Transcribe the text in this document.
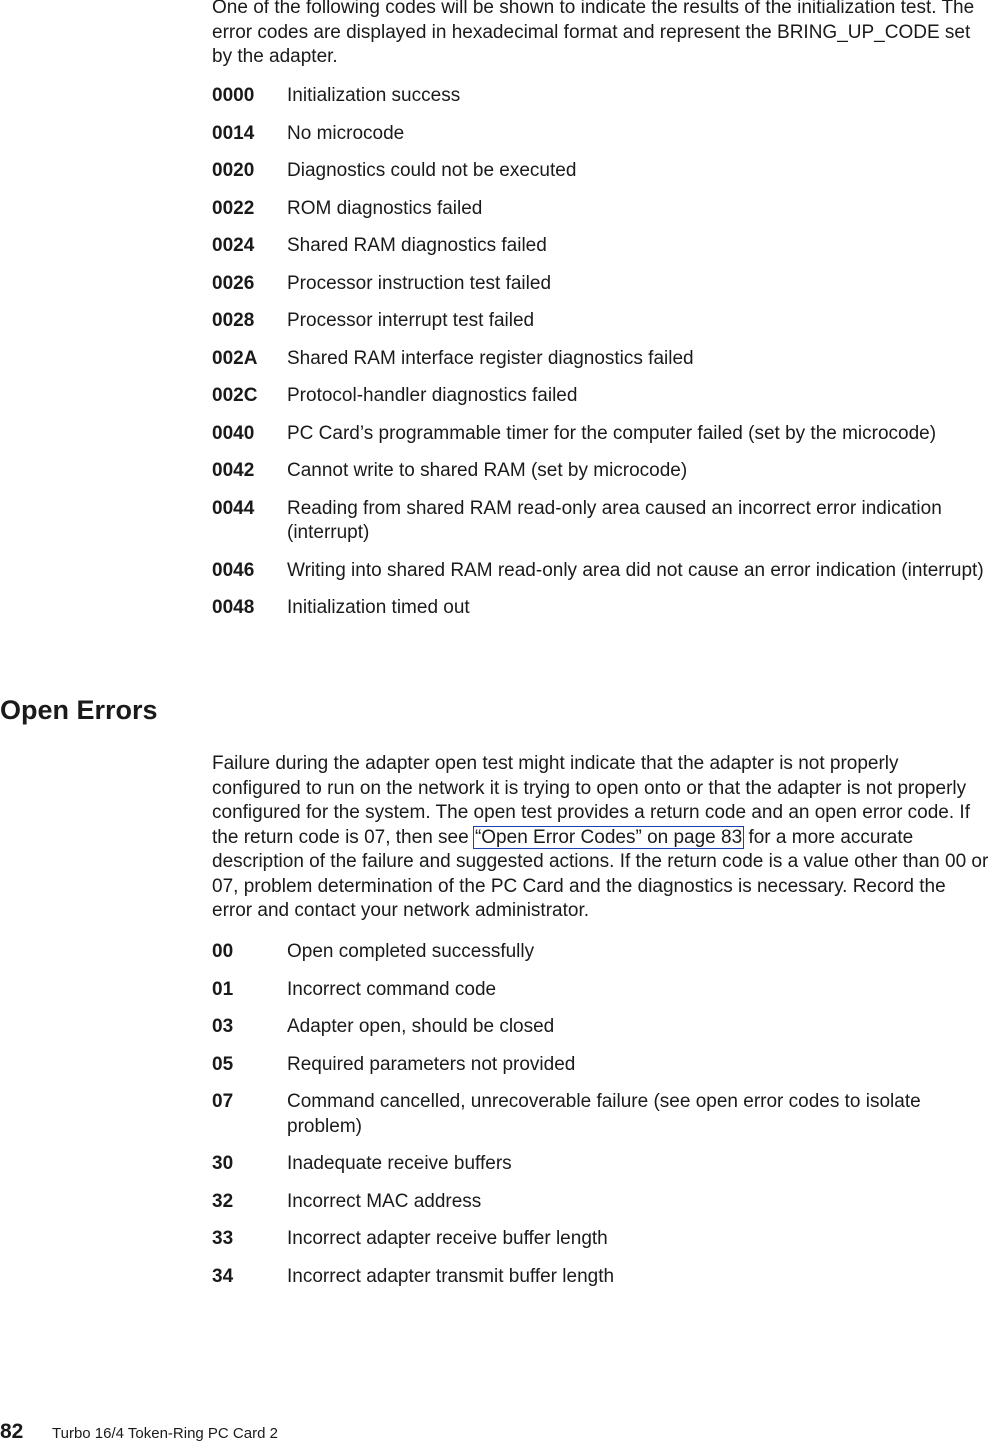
One of the following codes will be shown to indicate the results of the initialization test. The error codes are displayed in hexadecimal format and represent the BRING_UP_CODE set by the adapter.

0000	Initialization success
0014	No microcode
0020	Diagnostics could not be executed
0022	ROM diagnostics failed
0024	Shared RAM diagnostics failed
0026	Processor instruction test failed
0028	Processor interrupt test failed
002A	Shared RAM interface register diagnostics failed
002C	Protocol-handler diagnostics failed
0040	PC Card’s programmable timer for the computer failed (set by the microcode)
0042	Cannot write to shared RAM (set by microcode)
0044	Reading from shared RAM read-only area caused an incorrect error indication (interrupt)
0046	Writing into shared RAM read-only area did not cause an error indication (interrupt)
0048	Initialization timed out
Open Errors

Failure during the adapter open test might indicate that the adapter is not properly configured to run on the network it is trying to open onto or that the adapter is not properly configured for the system. The open test provides a return code and an open error code. If the return code is 07, then see “Open Error Codes” on page 83 for a more accurate description of the failure and suggested actions. If the return code is a value other than 00 or 07, problem determination of the PC Card and the diagnostics is necessary. Record the error and contact your network administrator.

00	Open completed successfully
01	Incorrect command code
03	Adapter open, should be closed
05	Required parameters not provided
07	Command cancelled, unrecoverable failure (see open error codes to isolate problem)
30	Inadequate receive buffers
32	Incorrect MAC address
33	Incorrect adapter receive buffer length
34	Incorrect adapter transmit buffer length
82	Turbo 16/4 Token-Ring PC Card 2
